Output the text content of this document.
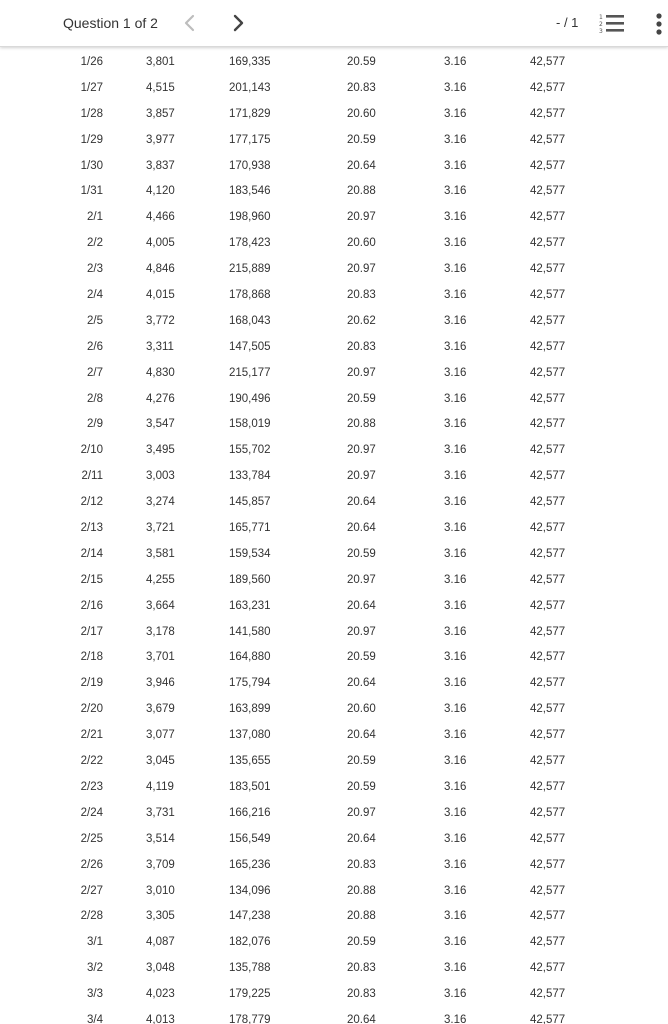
Question 1 of 2	- / 1	1
2
3
1/26	3,801	169,335	20.59	3.16	42,577
1/27	4,515	201,143	20.83	3.16	42,577
1/28	3,857	171,829	20.60	3.16	42,577
1/29	3,977	177,175	20.59	3.16	42,577
1/30	3,837	170,938	20.64	3.16	42,577
1/31	4,120	183,546	20.88	3.16	42,577
2/1	4,466	198,960	20.97	3.16	42,577
2/2	4,005	178,423	20.60	3.16	42,577
2/3	4,846	215,889	20.97	3.16	42,577
2/4	4,015	178,868	20.83	3.16	42,577
2/5	3,772	168,043	20.62	3.16	42,577
2/6	3,311	147,505	20.83	3.16	42,577
2/7	4,830	215,177	20.97	3.16	42,577
2/8	4,276	190,496	20.59	3.16	42,577
2/9	3,547	158,019	20.88	3.16	42,577
2/10	3,495	155,702	20.97	3.16	42,577
2/11	3,003	133,784	20.97	3.16	42,577
2/12	3,274	145,857	20.64	3.16	42,577
2/13	3,721	165,771	20.64	3.16	42,577
2/14	3,581	159,534	20.59	3.16	42,577
2/15	4,255	189,560	20.97	3.16	42,577
2/16	3,664	163,231	20.64	3.16	42,577
2/17	3,178	141,580	20.97	3.16	42,577
2/18	3,701	164,880	20.59	3.16	42,577
2/19	3,946	175,794	20.64	3.16	42,577
2/20	3,679	163,899	20.60	3.16	42,577
2/21	3,077	137,080	20.64	3.16	42,577
2/22	3,045	135,655	20.59	3.16	42,577
2/23	4,119	183,501	20.59	3.16	42,577
2/24	3,731	166,216	20.97	3.16	42,577
2/25	3,514	156,549	20.64	3.16	42,577
2/26	3,709	165,236	20.83	3.16	42,577
2/27	3,010	134,096	20.88	3.16	42,577
2/28	3,305	147,238	20.88	3.16	42,577
3/1	4,087	182,076	20.59	3.16	42,577
3/2	3,048	135,788	20.83	3.16	42,577
3/3	4,023	179,225	20.83	3.16	42,577
3/4	4,013	178,779	20.64	3.16	42,577
